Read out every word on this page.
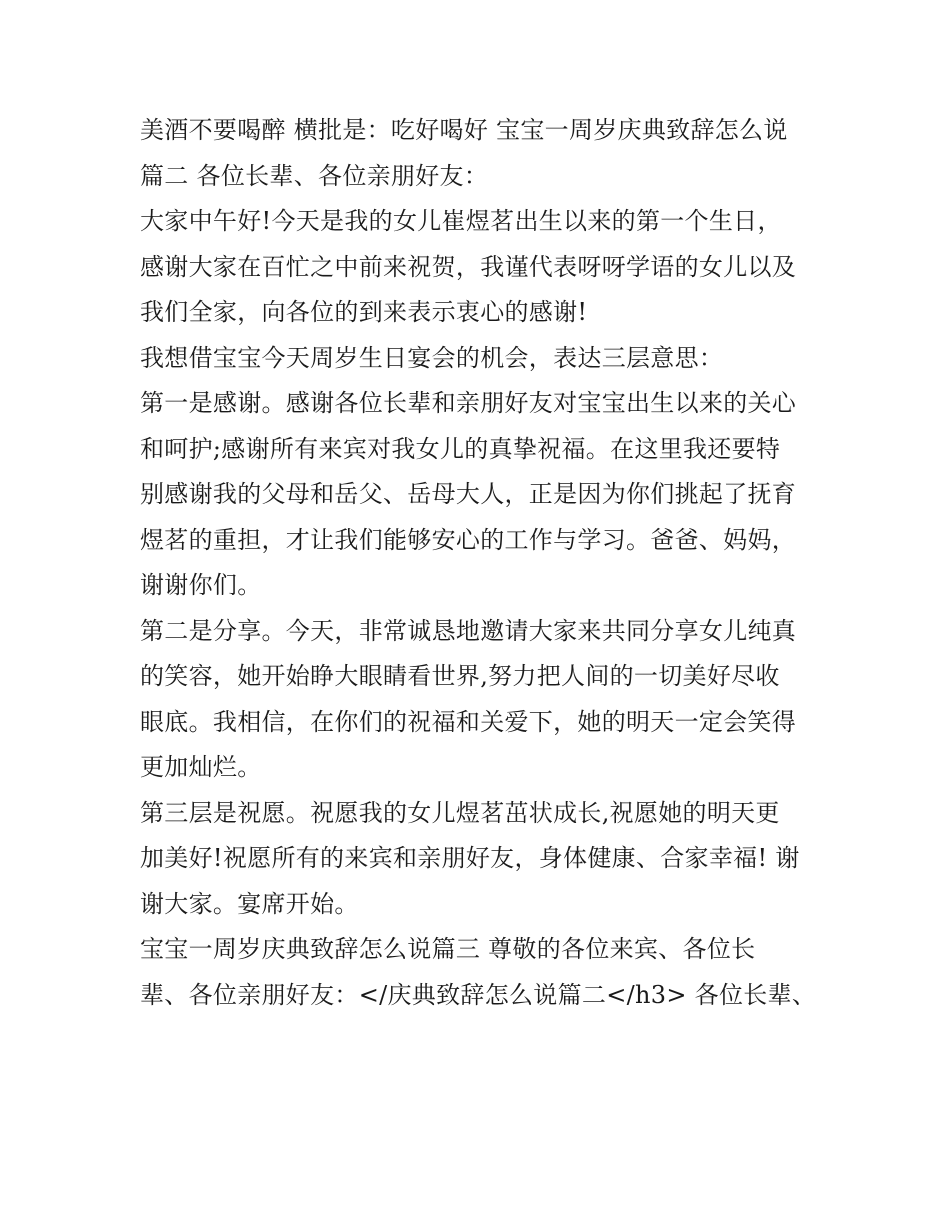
美酒不要喝醉 横批是：吃好喝好 宝宝一周岁庆典致辞怎么说
篇二 各位长辈、各位亲朋好友：
大家中午好!今天是我的女儿崔煜茗出生以来的第一个生日，
感谢大家在百忙之中前来祝贺，我谨代表呀呀学语的女儿以及
我们全家，向各位的到来表示衷心的感谢!
我想借宝宝今天周岁生日宴会的机会，表达三层意思：
第一是感谢。感谢各位长辈和亲朋好友对宝宝出生以来的关心
和呵护;感谢所有来宾对我女儿的真挚祝福。在这里我还要特
别感谢我的父母和岳父、岳母大人，正是因为你们挑起了抚育
煜茗的重担，才让我们能够安心的工作与学习。爸爸、妈妈，
谢谢你们。
第二是分享。今天，非常诚恳地邀请大家来共同分享女儿纯真
的笑容，她开始睁大眼睛看世界,努力把人间的一切美好尽收
眼底。我相信，在你们的祝福和关爱下，她的明天一定会笑得
更加灿烂。
第三层是祝愿。祝愿我的女儿煜茗茁状成长,祝愿她的明天更
加美好!祝愿所有的来宾和亲朋好友，身体健康、合家幸福! 谢
谢大家。宴席开始。
宝宝一周岁庆典致辞怎么说篇三 尊敬的各位来宾、各位长
辈、各位亲朋好友：</庆典致辞怎么说篇二</h3> 各位长辈、
